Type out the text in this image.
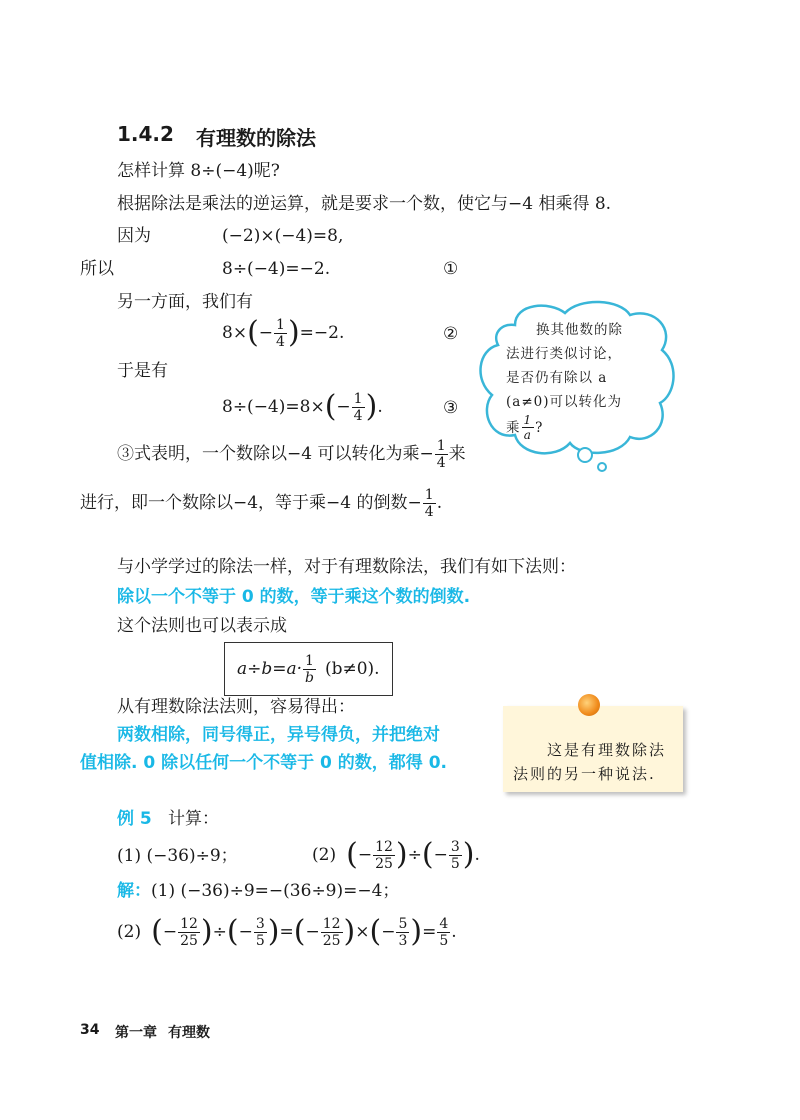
1.4.2 有理数的除法
怎样计算 8÷(−4)呢?
根据除法是乘法的逆运算，就是要求一个数，使它与−4 相乘得 8.
因为	(−2)×(−4)=8,
所以	8÷(−4)=−2.	①
另一方面，我们有
8× ( − $\frac{1}{4}$ ) =−2.	②
于是有
8÷(−4)=8× ( − $\frac{1}{4}$ ) .	③
③式表明，一个数除以−4 可以转化为乘− $\frac{1}{4}$ 来
进行，即一个数除以−4，等于乘−4 的倒数− $\frac{1}{4}$ .
换其他数的除
法进行类似讨论，
是否仍有除以 a
(a≠0)可以转化为
乘 $\frac{1}{a}$ ?
与小学学过的除法一样，对于有理数除法，我们有如下法则：
除以一个不等于 0 的数，等于乘这个数的倒数.
这个法则也可以表示成
$a\div b=a\cdot \frac{1}{b} (b\ne 0)$.
从有理数除法法则，容易得出：
两数相除，同号得正，异号得负，并把绝对
值相除. 0 除以任何一个不等于 0 的数，都得 0.
这是有理数除法
法则的另一种说法.
例 5 计算：
(1) (−36)÷9；	(2) ( − $\frac{12}{25}$ ) ÷ ( − $\frac{3}{5}$ ) .
解： (1) (−36)÷9=−(36÷9)=−4；
(2) ( − $\frac{12}{25}$ ) ÷ ( − $\frac{3}{5}$ ) = ( − $\frac{12}{25}$ ) × ( − $\frac{5}{3}$ ) = $\frac{4}{5}$ .
34 第一章 有理数
